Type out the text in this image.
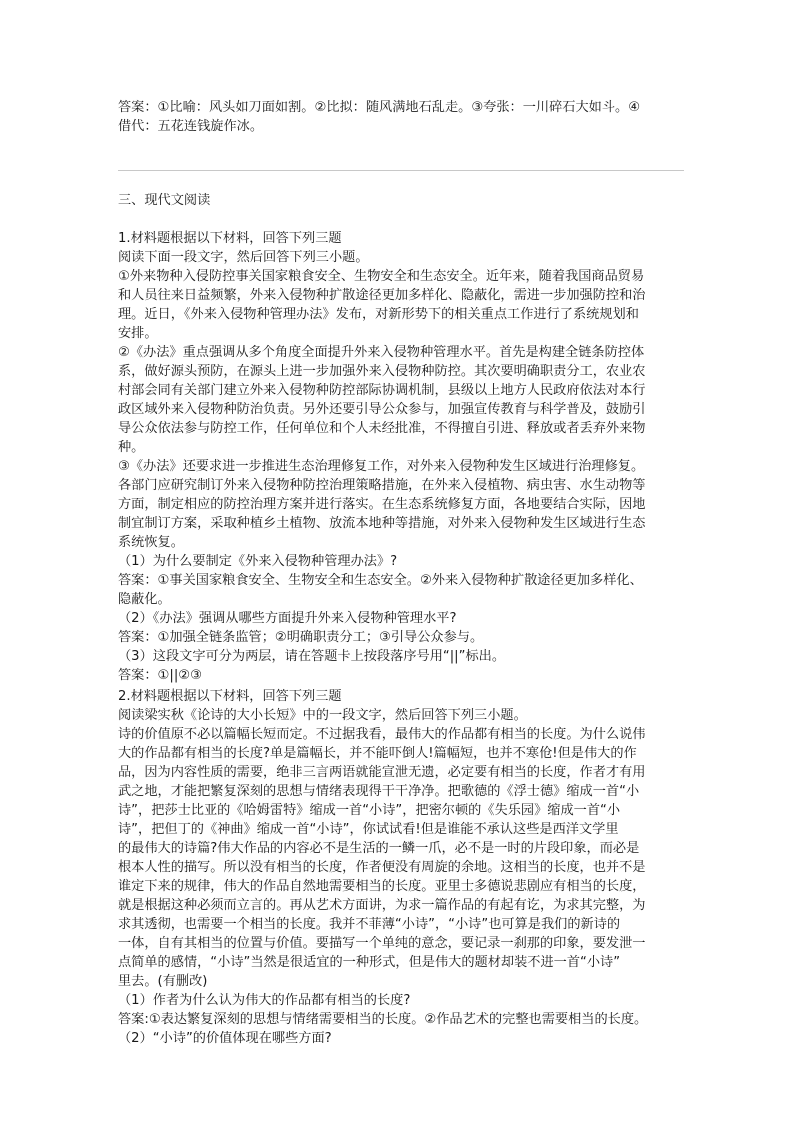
答案：①比喻：风头如刀面如割。②比拟：随风满地石乱走。③夸张：一川碎石大如斗。④

借代：五花连钱旋作冰。

三、现代文阅读

1.材料题根据以下材料，回答下列三题

阅读下面一段文字，然后回答下列三小题。

①外来物种入侵防控事关国家粮食安全、生物安全和生态安全。近年来，随着我国商品贸易

和人员往来日益频繁，外来入侵物种扩散途径更加多样化、隐蔽化，需进一步加强防控和治

理。近日，《外来入侵物种管理办法》发布，对新形势下的相关重点工作进行了系统规划和

安排。

②《办法》重点强调从多个角度全面提升外来入侵物种管理水平。首先是构建全链条防控体

系，做好源头预防，在源头上进一步加强外来入侵物种防控。其次要明确职责分工，农业农

村部会同有关部门建立外来入侵物种防控部际协调机制，县级以上地方人民政府依法对本行

政区域外来入侵物种防治负责。另外还要引导公众参与，加强宣传教育与科学普及，鼓励引

导公众依法参与防控工作，任何单位和个人未经批准，不得擅自引进、释放或者丢弃外来物

种。

③《办法》还要求进一步推进生态治理修复工作，对外来入侵物种发生区域进行治理修复。

各部门应研究制订外来入侵物种防控治理策略措施，在外来入侵植物、病虫害、水生动物等

方面，制定相应的防控治理方案并进行落实。在生态系统修复方面，各地要结合实际，因地

制宜制订方案，采取种植乡土植物、放流本地种等措施，对外来入侵物种发生区域进行生态

系统恢复。

（1）为什么要制定《外来入侵物种管理办法》?

答案：①事关国家粮食安全、生物安全和生态安全。②外来入侵物种扩散途径更加多样化、

隐蔽化。

（2）《办法》强调从哪些方面提升外来入侵物种管理水平?

答案：①加强全链条监管；②明确职责分工；③引导公众参与。

（3）这段文字可分为两层，请在答题卡上按段落序号用“||”标出。

答案：①||②③

2.材料题根据以下材料，回答下列三题

阅读梁实秋《论诗的大小长短》中的一段文字，然后回答下列三小题。

诗的价值原不必以篇幅长短而定。不过据我看，最伟大的作品都有相当的长度。为什么说伟

大的作品都有相当的长度?单是篇幅长，并不能吓倒人!篇幅短，也并不寒伧!但是伟大的作

品，因为内容性质的需要，绝非三言两语就能宣泄无遗，必定要有相当的长度，作者才有用

武之地，才能把繁复深刻的思想与情绪表现得干干净净。把歌德的《浮士德》缩成一首“小

诗”，把莎士比亚的《哈姆雷特》缩成一首“小诗”，把密尔顿的《失乐园》缩成一首“小

诗”，把但丁的《神曲》缩成一首“小诗”，你试试看!但是谁能不承认这些是西洋文学里

的最伟大的诗篇?伟大作品的内容必不是生活的一鳞一爪，必不是一时的片段印象，而必是

根本人性的描写。所以没有相当的长度，作者便没有周旋的余地。这相当的长度，也并不是

谁定下来的规律，伟大的作品自然地需要相当的长度。亚里士多德说悲剧应有相当的长度，

就是根据这种必须而立言的。再从艺术方面讲，为求一篇作品的有起有讫，为求其完整，为

求其透彻，也需要一个相当的长度。我并不菲薄“小诗”，“小诗”也可算是我们的新诗的

一体，自有其相当的位置与价值。要描写一个单纯的意念，要记录一刹那的印象，要发泄一

点简单的感情，“小诗”当然是很适宜的一种形式，但是伟大的题材却装不进一首“小诗”

里去。(有删改)

（1）作者为什么认为伟大的作品都有相当的长度?

答案:①表达繁复深刻的思想与情绪需要相当的长度。②作品艺术的完整也需要相当的长度。

（2）“小诗”的价值体现在哪些方面?
